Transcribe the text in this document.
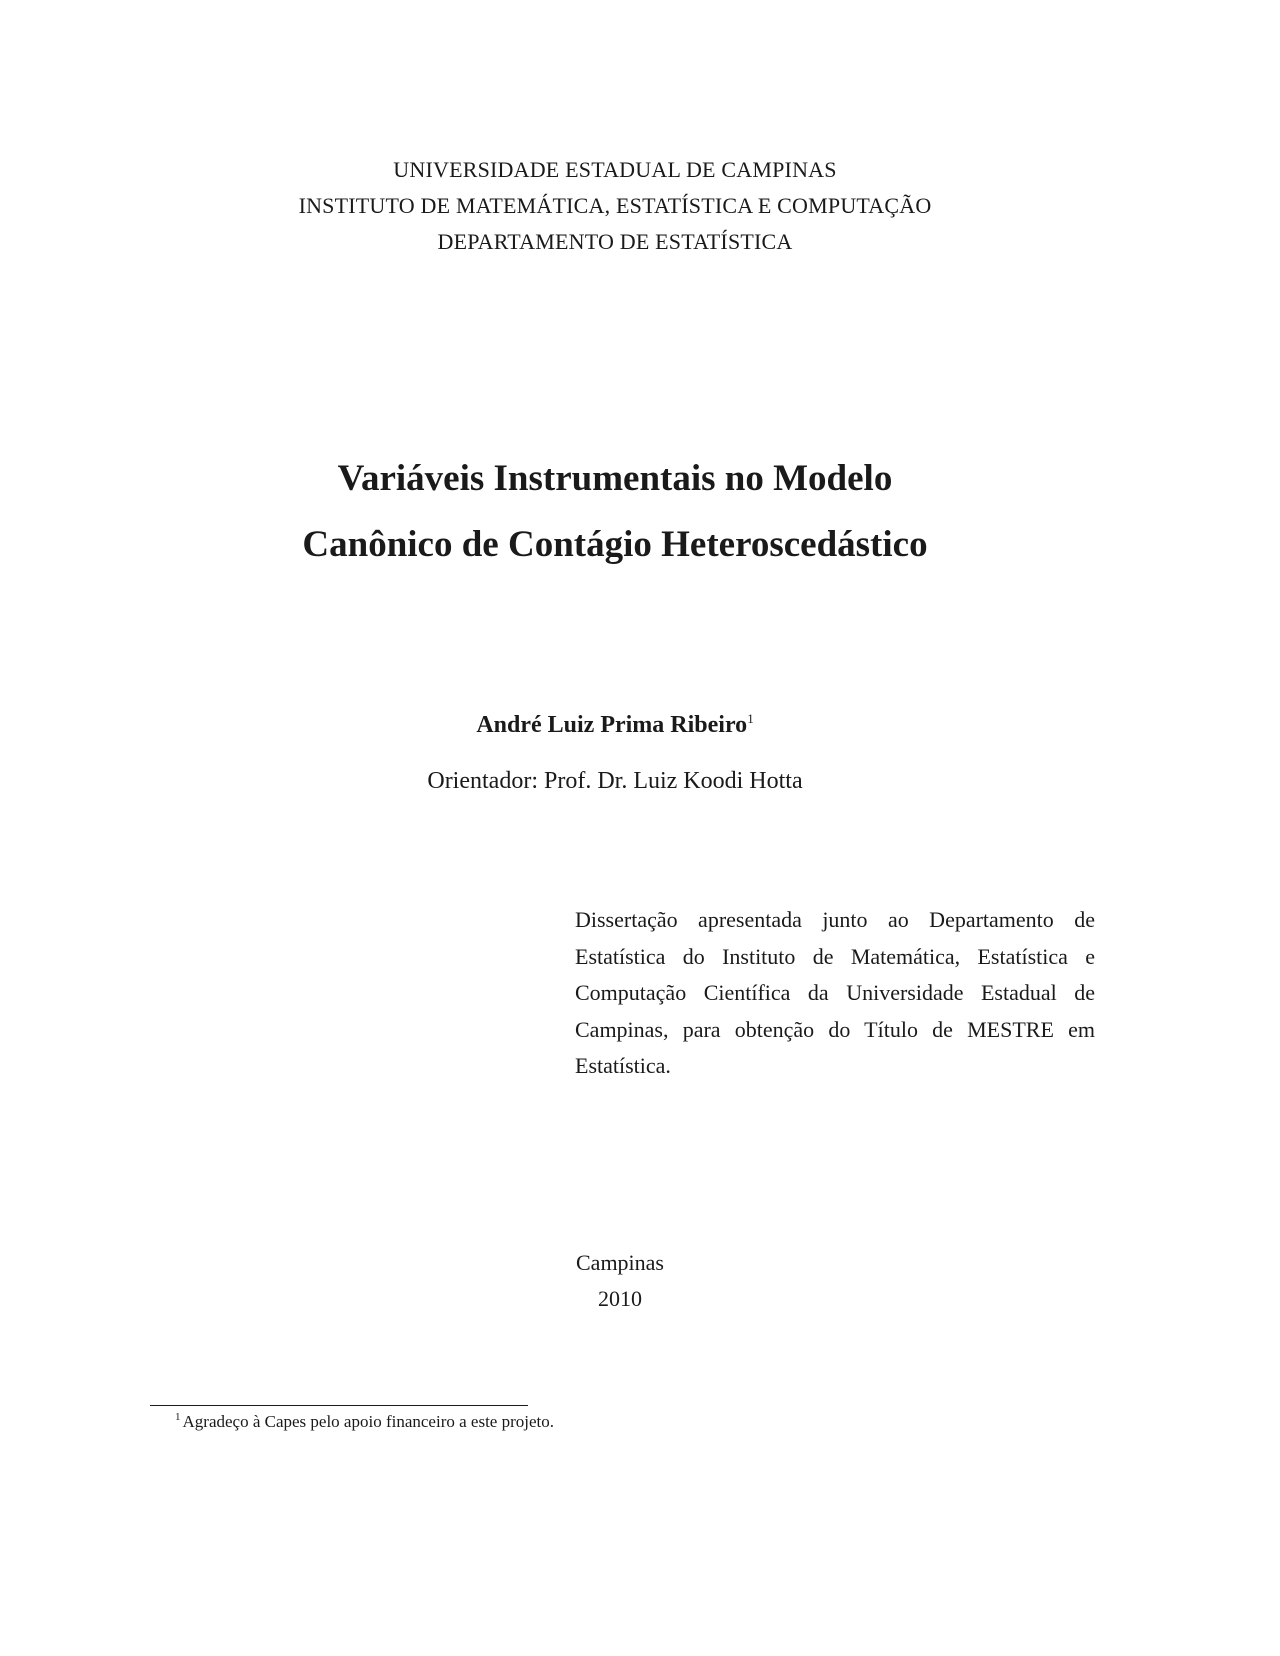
UNIVERSIDADE ESTADUAL DE CAMPINAS
INSTITUTO DE MATEMÁTICA, ESTATÍSTICA E COMPUTAÇÃO
DEPARTAMENTO DE ESTATÍSTICA
Variáveis Instrumentais no Modelo
Canônico de Contágio Heteroscedástico
André Luiz Prima Ribeiro$^1$
Orientador: Prof. Dr. Luiz Koodi Hotta
Dissertação apresentada junto ao Departamento de Estatística do Instituto de Matemática, Estatística e Computação Científica da Universidade Estadual de Campinas, para obtenção do Título de MESTRE em Estatística.
Campinas
2010
$^1$ Agradeço à Capes pelo apoio financeiro a este projeto.
